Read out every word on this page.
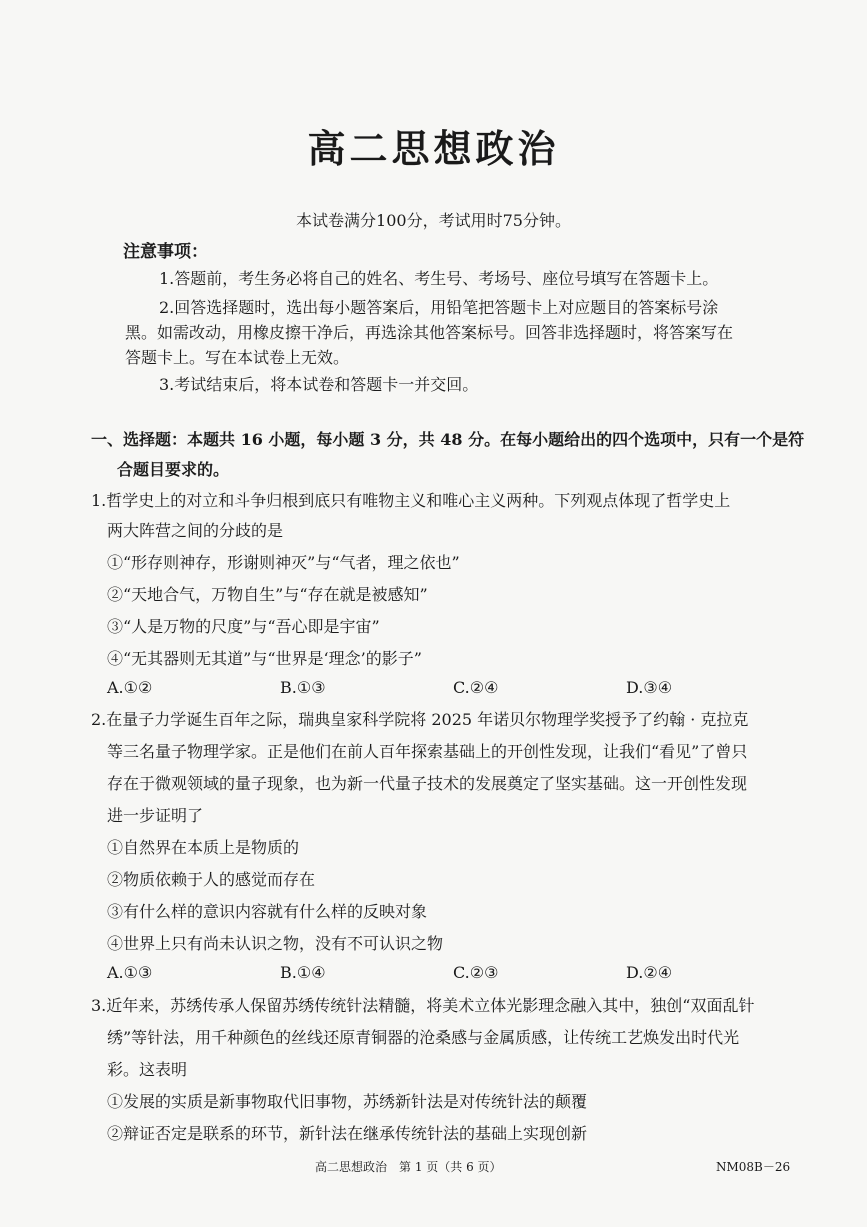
高二思想政治
本试卷满分100分，考试用时75分钟。
注意事项：
1.答题前，考生务必将自己的姓名、考生号、考场号、座位号填写在答题卡上。
2.回答选择题时，选出每小题答案后，用铅笔把答题卡上对应题目的答案标号涂
黑。如需改动，用橡皮擦干净后，再选涂其他答案标号。回答非选择题时，将答案写在
答题卡上。写在本试卷上无效。
3.考试结束后，将本试卷和答题卡一并交回。
一、选择题：本题共 16 小题，每小题 3 分，共 48 分。在每小题给出的四个选项中，只有一个是符
合题目要求的。
1.哲学史上的对立和斗争归根到底只有唯物主义和唯心主义两种。下列观点体现了哲学史上
两大阵营之间的分歧的是
①“形存则神存，形谢则神灭”与“气者，理之依也”
②“天地合气，万物自生”与“存在就是被感知”
③“人是万物的尺度”与“吾心即是宇宙”
④“无其器则无其道”与“世界是‘理念’的影子”
A.①②	B.①③	C.②④	D.③④
2.在量子力学诞生百年之际，瑞典皇家科学院将 2025 年诺贝尔物理学奖授予了约翰 · 克拉克
等三名量子物理学家。正是他们在前人百年探索基础上的开创性发现，让我们“看见”了曾只
存在于微观领域的量子现象，也为新一代量子技术的发展奠定了坚实基础。这一开创性发现
进一步证明了
①自然界在本质上是物质的
②物质依赖于人的感觉而存在
③有什么样的意识内容就有什么样的反映对象
④世界上只有尚未认识之物，没有不可认识之物
A.①③	B.①④	C.②③	D.②④
3.近年来，苏绣传承人保留苏绣传统针法精髓，将美术立体光影理念融入其中，独创“双面乱针
绣”等针法，用千种颜色的丝线还原青铜器的沧桑感与金属质感，让传统工艺焕发出时代光
彩。这表明
①发展的实质是新事物取代旧事物，苏绣新针法是对传统针法的颠覆
②辩证否定是联系的环节，新针法在继承传统针法的基础上实现创新
高二思想政治　第 1 页（共 6 页）	NM08B－26
